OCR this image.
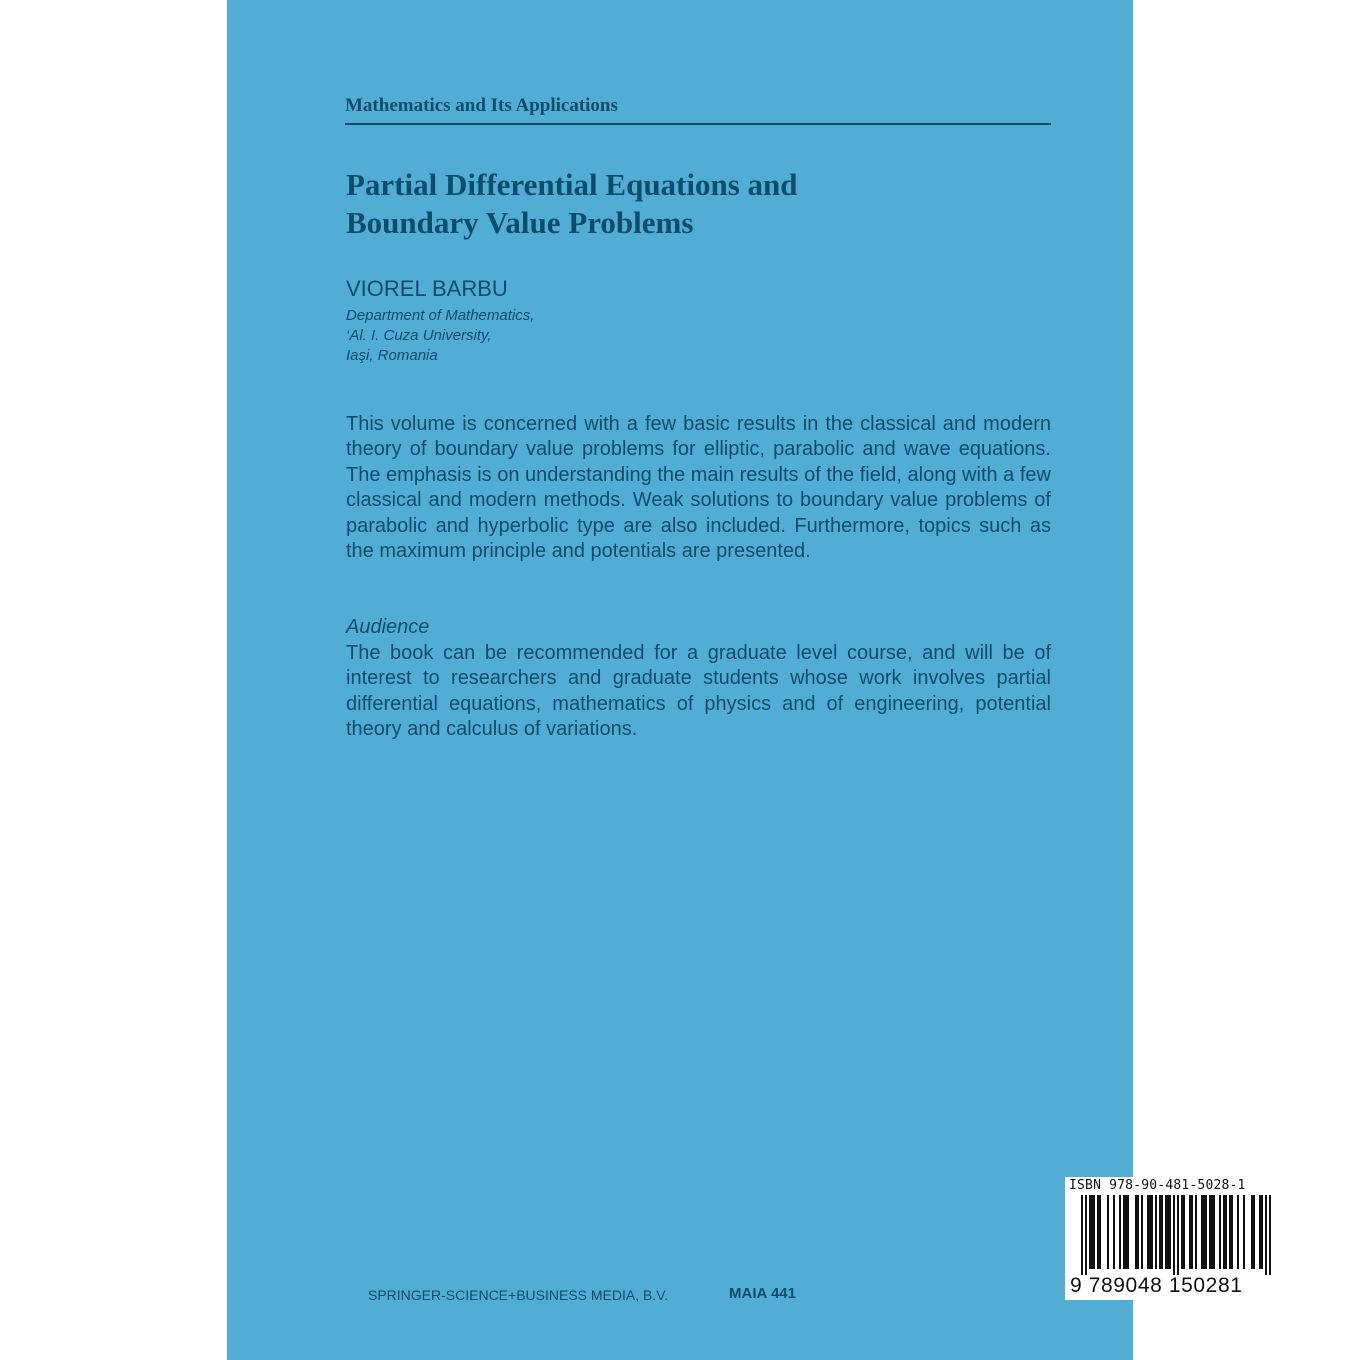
Mathematics and Its Applications
Partial Differential Equations and
Boundary Value Problems
VIOREL BARBU
Department of Mathematics,
‘Al. I. Cuza University,
Iaşi, Romania

This volume is concerned with a few basic results in the classical and modern theory of boundary value problems for elliptic, parabolic and wave equations. The emphasis is on understanding the main results of the field, along with a few classical and modern methods. Weak solutions to boundary value problems of parabolic and hyperbolic type are also included. Furthermore, topics such as the maximum principle and potentials are presented.

Audience

The book can be recommended for a graduate level course, and will be of interest to researchers and graduate students whose work involves partial differential equations, mathematics of physics and of engineering, potential theory and calculus of variations.

SPRINGER-SCIENCE+BUSINESS MEDIA, B.V.	MAIA 441
ISBN 978-90-481-5028-1
9 789048 150281
